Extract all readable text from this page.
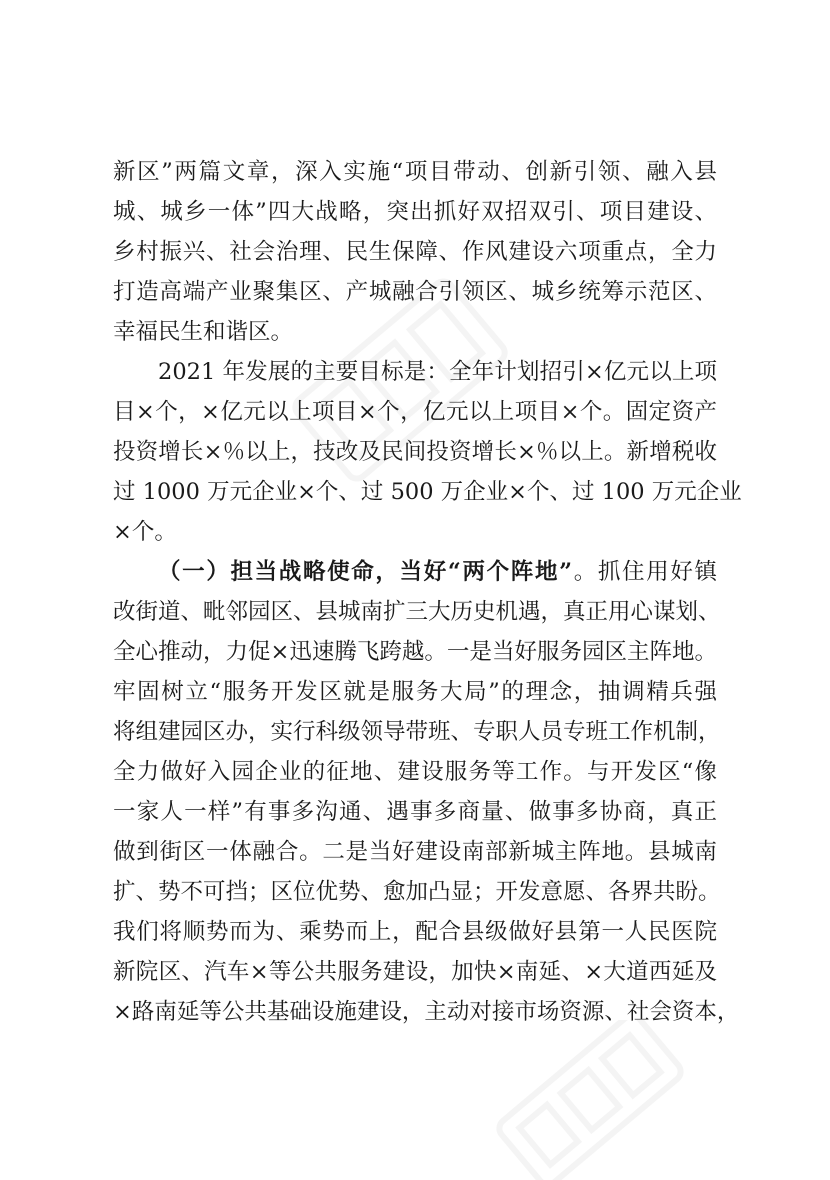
新区”两篇文章，深入实施“项目带动、创新引领、融入县
城、城乡一体”四大战略，突出抓好双招双引、项目建设、
乡村振兴、社会治理、民生保障、作风建设六项重点，全力
打造高端产业聚集区、产城融合引领区、城乡统筹示范区、
幸福民生和谐区。
2021 年发展的主要目标是：全年计划招引×亿元以上项
目×个，×亿元以上项目×个，亿元以上项目×个。固定资产
投资增长×％以上，技改及民间投资增长×％以上。新增税收
过 1000 万元企业×个、过 500 万企业×个、过 100 万元企业
×个。
（一）担当战略使命，当好“两个阵地”。抓住用好镇
改街道、毗邻园区、县城南扩三大历史机遇，真正用心谋划、
全心推动，力促×迅速腾飞跨越。一是当好服务园区主阵地。
牢固树立“服务开发区就是服务大局”的理念，抽调精兵强
将组建园区办，实行科级领导带班、专职人员专班工作机制，
全力做好入园企业的征地、建设服务等工作。与开发区“像
一家人一样”有事多沟通、遇事多商量、做事多协商，真正
做到街区一体融合。二是当好建设南部新城主阵地。县城南
扩、势不可挡；区位优势、愈加凸显；开发意愿、各界共盼。
我们将顺势而为、乘势而上，配合县级做好县第一人民医院
新院区、汽车×等公共服务建设，加快×南延、×大道西延及
×路南延等公共基础设施建设，主动对接市场资源、社会资本，
